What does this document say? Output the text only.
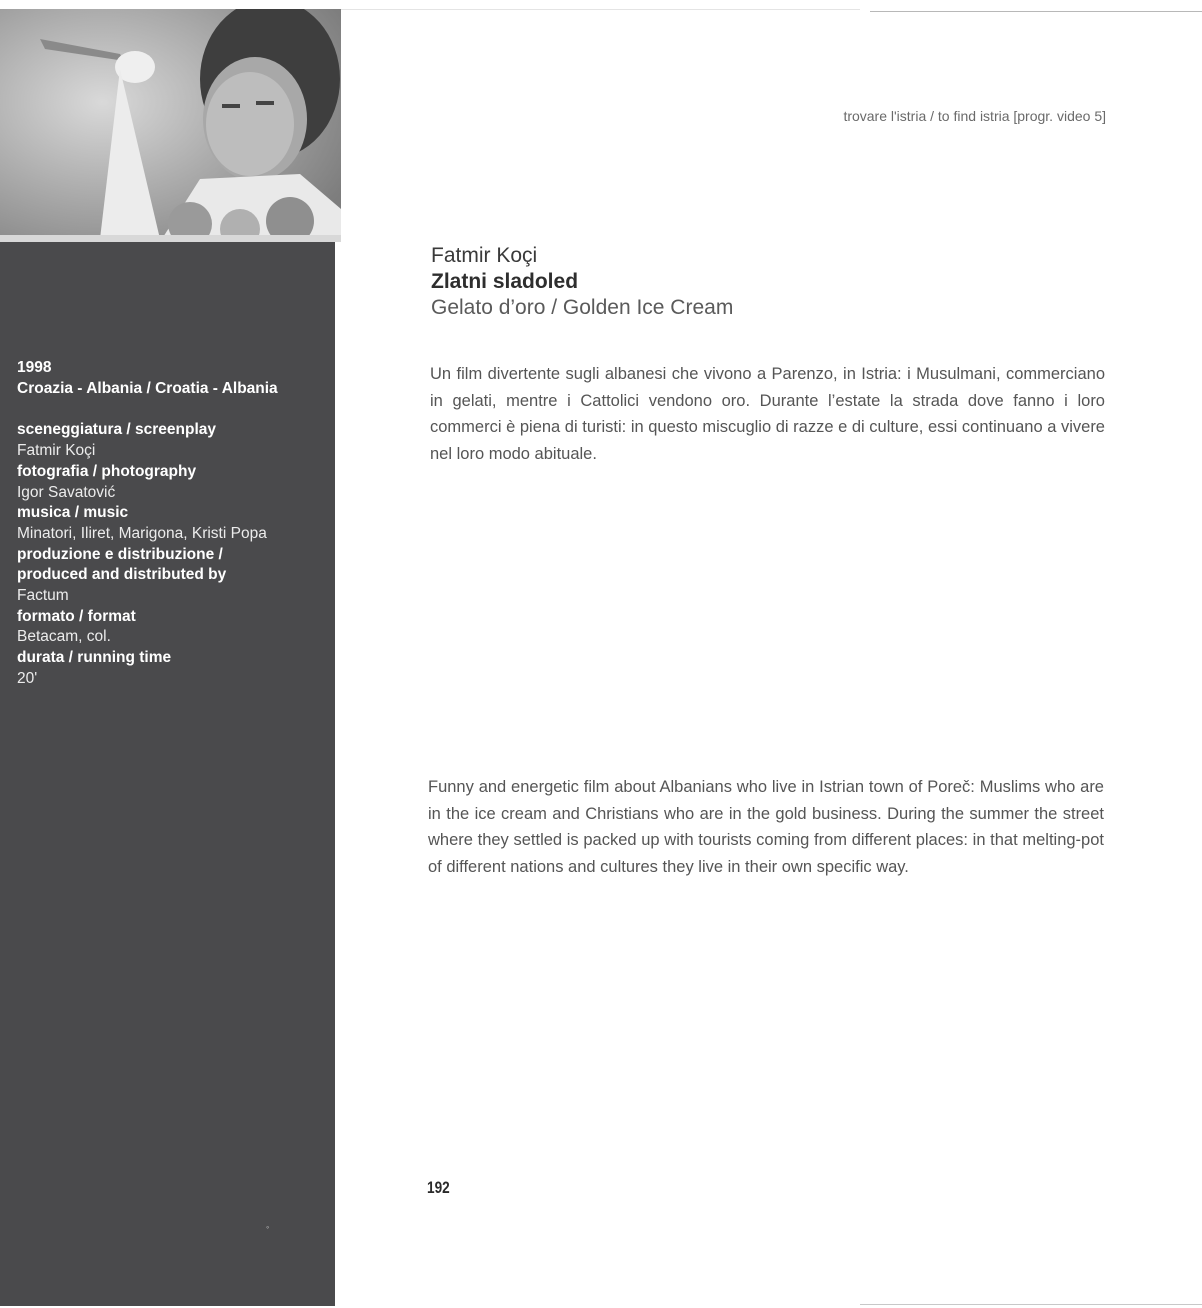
1998
Croazia - Albania / Croatia - Albania
sceneggiatura / screenplay
Fatmir Koçi
fotografia / photography
Igor Savatović
musica / music
Minatori, Iliret, Marigona, Kristi Popa
produzione e distribuzione /
produced and distributed by
Factum
formato / format
Betacam, col.
durata / running time
20'
◦
trovare l'istria / to find istria [progr. video 5]
Fatmir Koçi
Zlatni sladoled
Gelato d’oro / Golden Ice Cream

Un film divertente sugli albanesi che vivono a Parenzo, in Istria: i Musulmani, commerciano in gelati, mentre i Cattolici vendono oro. Durante l’estate la strada dove fanno i loro commerci è piena di turisti: in questo miscuglio di razze e di culture, essi continuano a vivere nel loro modo abituale.

Funny and energetic film about Albanians who live in Istrian town of Poreč: Muslims who are in the ice cream and Christians who are in the gold business. During the summer the street where they settled is packed up with tourists coming from different places: in that melting-pot of different nations and cultures they live in their own specific way.

192
